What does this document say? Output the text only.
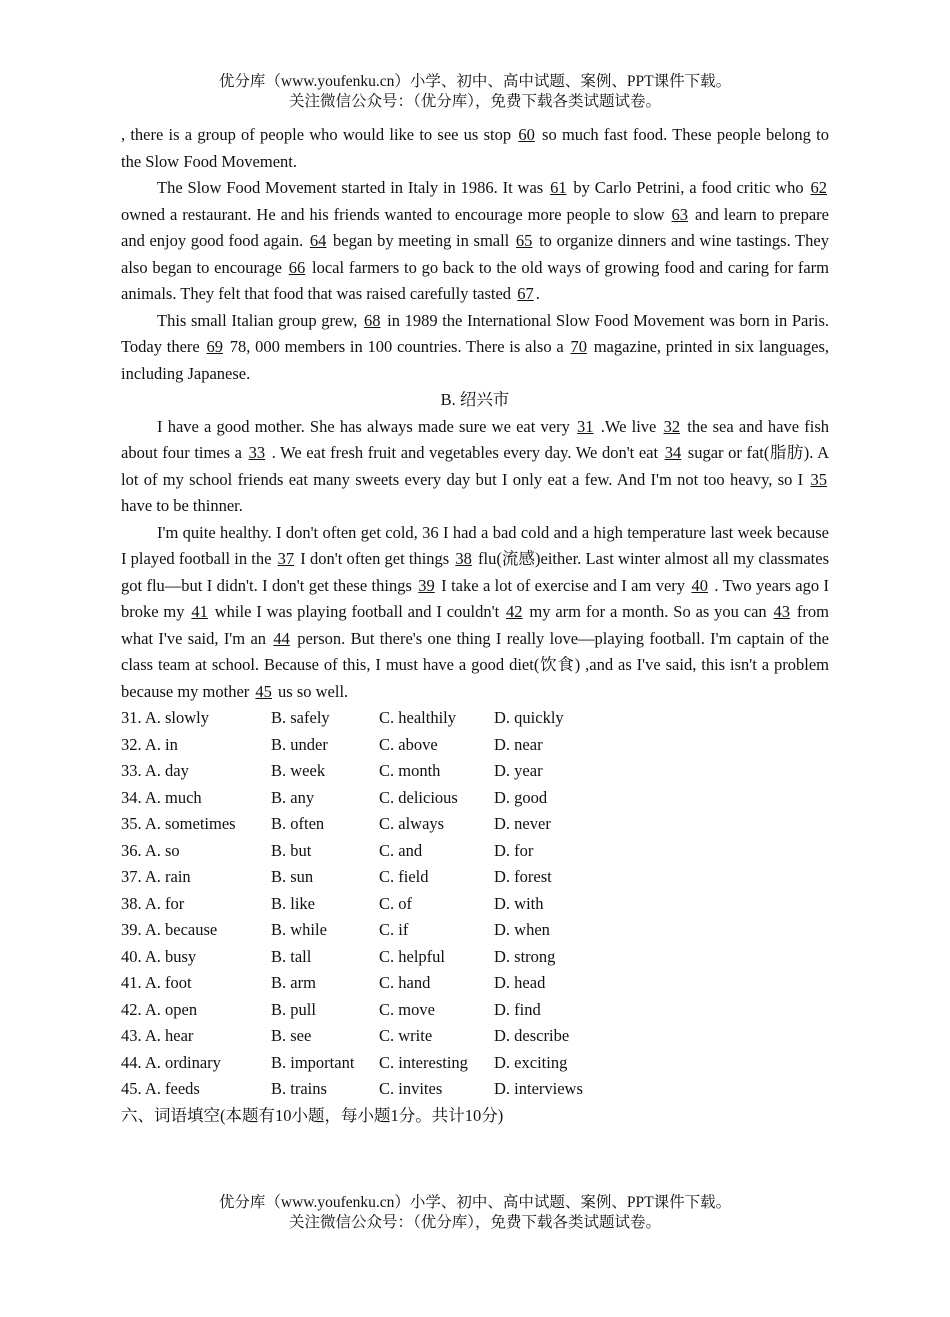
优分库（www.youfenku.cn）小学、初中、高中试题、案例、PPT课件下载。
关注微信公众号：（优分库），免费下载各类试题试卷。

, there is a group of people who would like to see us stop 60 so much fast food. These people belong to the Slow Food Movement.

The Slow Food Movement started in Italy in 1986. It was 61 by Carlo Petrini, a food critic who 62 owned a restaurant. He and his friends wanted to encourage more people to slow 63 and learn to prepare and enjoy good food again. 64 began by meeting in small 65 to organize dinners and wine tastings. They also began to encourage 66 local farmers to go back to the old ways of growing food and caring for farm animals. They felt that food that was raised carefully tasted 67 .

This small Italian group grew, 68 in 1989 the International Slow Food Movement was born in Paris. Today there 69 78, 000 members in 100 countries. There is also a 70 magazine, printed in six languages, including Japanese.

B. 绍兴市

I have a good mother. She has always made sure we eat very 31 .We live 32 the sea and have fish about four times a 33 . We eat fresh fruit and vegetables every day. We don't eat 34 sugar or fat(脂肪). A lot of my school friends eat many sweets every day but I only eat a few. And I'm not too heavy, so I 35 have to be thinner.

I'm quite healthy. I don't often get cold, 36 I had a bad cold and a high temperature last week because I played football in the 37 I don't often get things 38 flu(流感)either. Last winter almost all my classmates got flu—but I didn't. I don't get these things 39 I take a lot of exercise and I am very 40 . Two years ago I broke my 41 while I was playing football and I couldn't 42 my arm for a month. So as you can 43 from what I've said, I'm an 44 person. But there's one thing I really love—playing football. I'm captain of the class team at school. Because of this, I must have a good diet(饮食) ,and as I've said, this isn't a problem because my mother 45 us so well.

31. A. slowly	B. safely	C. healthily	D. quickly
32. A. in	B. under	C. above	D. near
33. A. day	B. week	C. month	D. year
34. A. much	B. any	C. delicious	D. good
35. A. sometimes	B. often	C. always	D. never
36. A. so	B. but	C. and	D. for
37. A. rain	B. sun	C. field	D. forest
38. A. for	B. like	C. of	D. with
39. A. because	B. while	C. if	D. when
40. A. busy	B. tall	C. helpful	D. strong
41. A. foot	B. arm	C. hand	D. head
42. A. open	B. pull	C. move	D. find
43. A. hear	B. see	C. write	D. describe
44. A. ordinary	B. important	C. interesting	D. exciting
45. A. feeds	B. trains	C. invites	D. interviews

六、词语填空(本题有10小题，每小题1分。共计10分)

优分库（www.youfenku.cn）小学、初中、高中试题、案例、PPT课件下载。
关注微信公众号：（优分库），免费下载各类试题试卷。
